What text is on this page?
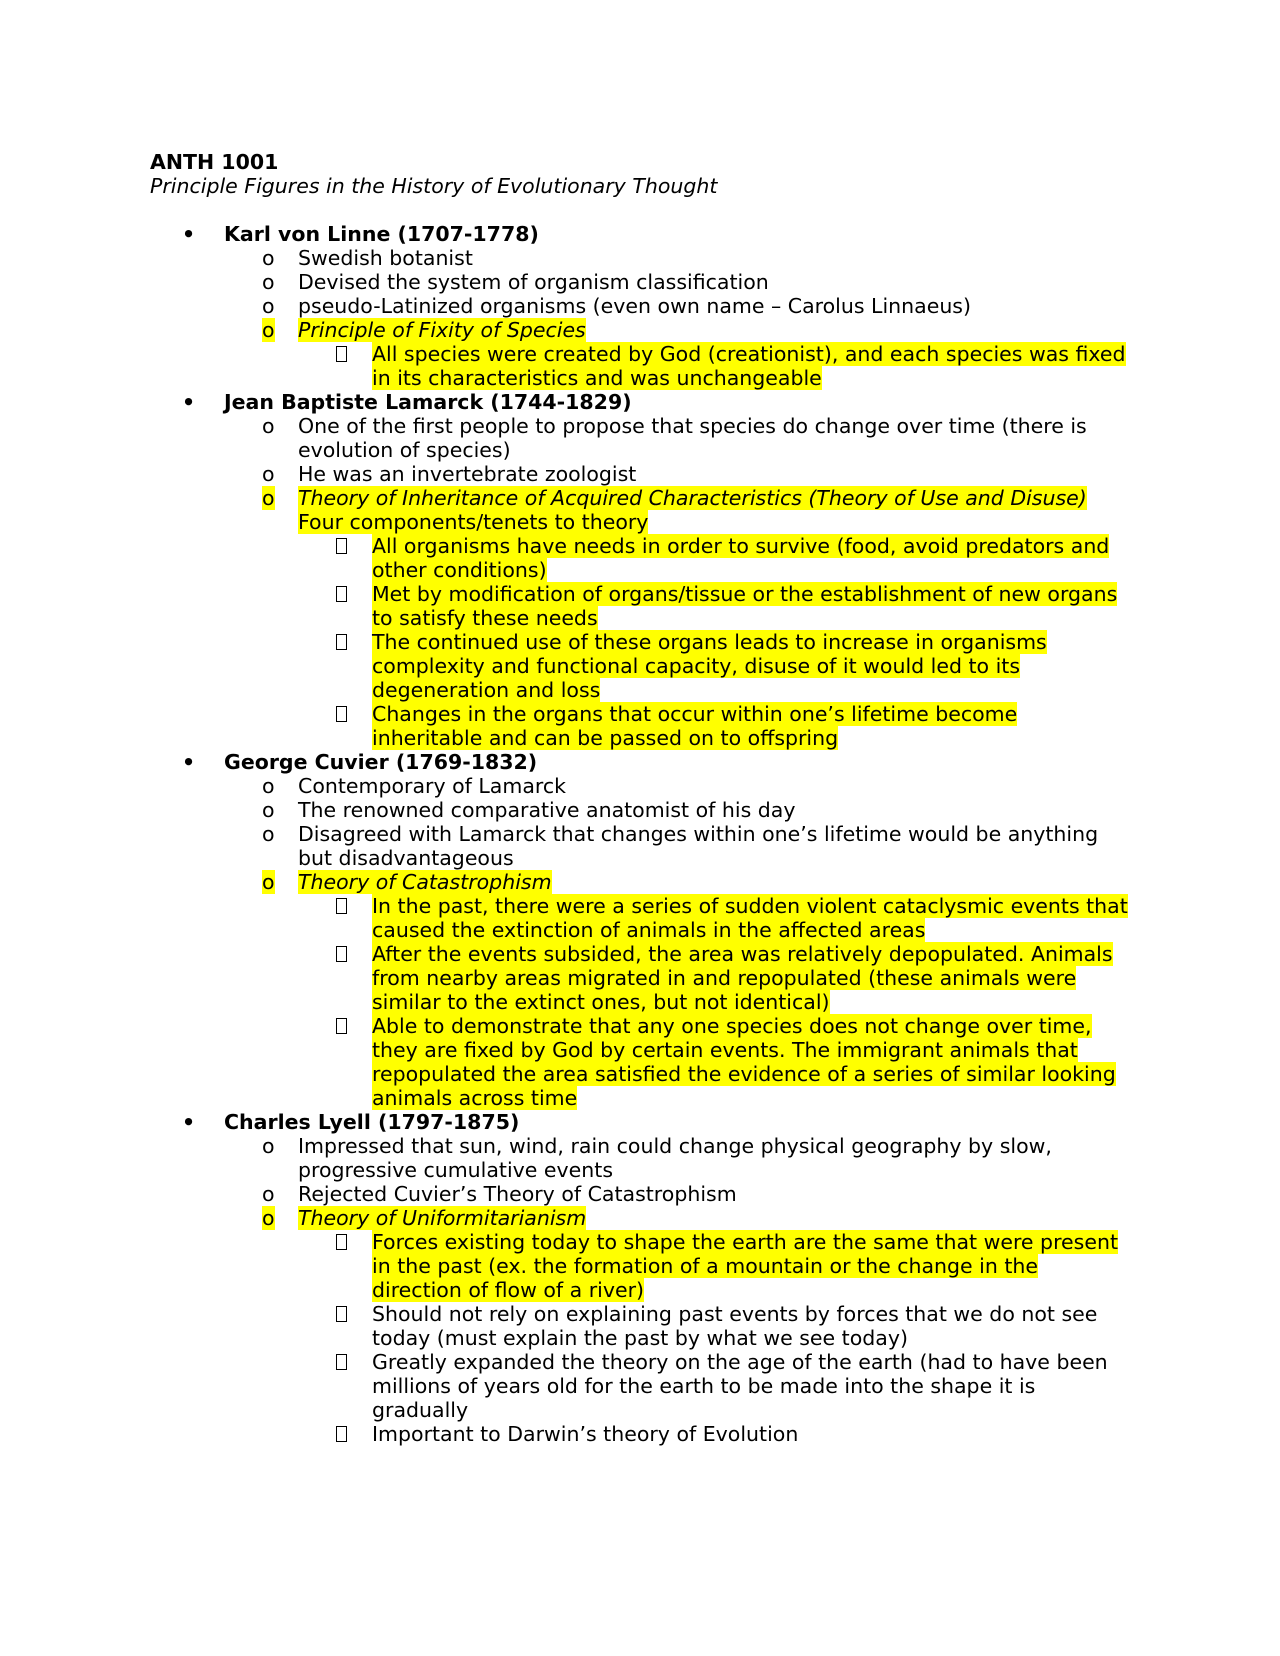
ANTH 1001
Principle Figures in the History of Evolutionary Thought
• Karl von Linne (1707-1778)
o Swedish botanist
o Devised the system of organism classification
o pseudo-Latinized organisms (even own name – Carolus Linnaeus)
o Principle of Fixity of Species
All species were created by God (creationist), and each species was fixed in its characteristics and was unchangeable
• Jean Baptiste Lamarck (1744-1829)
o One of the first people to propose that species do change over time (there is evolution of species)
o He was an invertebrate zoologist
o Theory of Inheritance of Acquired Characteristics (Theory of Use and Disuse)
Four components/tenets to theory
All organisms have needs in order to survive (food, avoid predators and other conditions)
Met by modification of organs/tissue or the establishment of new organs to satisfy these needs
The continued use of these organs leads to increase in organisms complexity and functional capacity, disuse of it would led to its degeneration and loss
Changes in the organs that occur within one’s lifetime become inheritable and can be passed on to offspring
• George Cuvier (1769-1832)
o Contemporary of Lamarck
o The renowned comparative anatomist of his day
o Disagreed with Lamarck that changes within one’s lifetime would be anything but disadvantageous
o Theory of Catastrophism
In the past, there were a series of sudden violent cataclysmic events that caused the extinction of animals in the affected areas
After the events subsided, the area was relatively depopulated. Animals from nearby areas migrated in and repopulated (these animals were similar to the extinct ones, but not identical)
Able to demonstrate that any one species does not change over time, they are fixed by God by certain events. The immigrant animals that repopulated the area satisfied the evidence of a series of similar looking animals across time
• Charles Lyell (1797-1875)
o Impressed that sun, wind, rain could change physical geography by slow, progressive cumulative events
o Rejected Cuvier’s Theory of Catastrophism
o Theory of Uniformitarianism
Forces existing today to shape the earth are the same that were present in the past (ex. the formation of a mountain or the change in the direction of flow of a river)
Should not rely on explaining past events by forces that we do not see today (must explain the past by what we see today)
Greatly expanded the theory on the age of the earth (had to have been millions of years old for the earth to be made into the shape it is gradually
Important to Darwin’s theory of Evolution
